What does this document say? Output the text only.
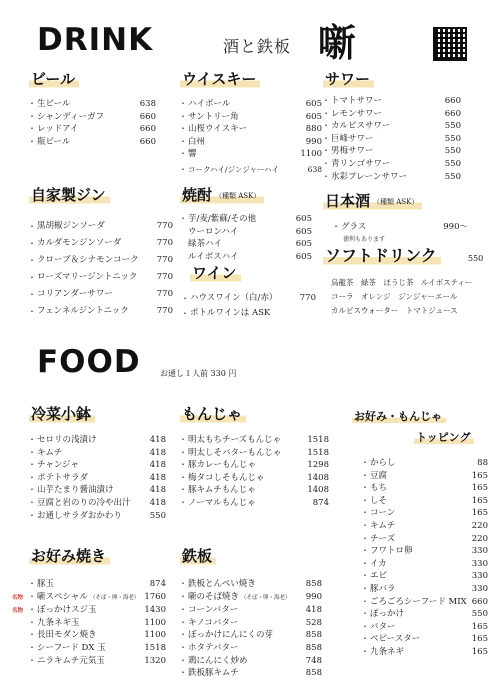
DRINK	酒と鉄板 噺
ビール
・ 生ビール	638
・ シャンディーガフ	660
・ レッドアイ	660
・ 瓶ビール	660
ウイスキー
・ ハイボール	605
・ サントリー角	605
・ 山桜ウイスキー	880
・ 白州	990
・ 響	1100
・ コークハイ/ジンジャーハイ	638
サワー
・ トマトサワー	660
・ レモンサワー	660
・ カルピスサワー	550
・ 巨峰サワー	550
・ 男梅サワー	550
・ 青リンゴサワー	550
・ 氷彩プレーンサワー	550
自家製ジン
・ 黒胡椒ジンソーダ	770
・ カルダモンジンソーダ	770
・ クローブ＆シナモンコーク 770
・ ローズマリージントニック 770
・ コリアンダーサワー	770
・ フェンネルジントニック	770
焼酎 （種類 ASK）
・ 芋/麦/紫蘇/その他	605
ウーロンハイ	605
緑茶ハイ	605
ルイボスハイ	605
ワイン
・ ハウスワイン（白/赤）	770
・ ボトルワインは ASK
日本酒 （種類 ASK）
・ グラス	990〜
徳利もあります
ソフトドリンク	550
烏龍茶　緑茶　ほうじ茶　ルイボスティー
コーラ　オレンジ　ジンジャーエール
カルピスウォーター　トマトジュース
FOOD お通し１人前 330 円
冷菜小鉢
・ セロリの浅漬け	418
・ キムチ	418
・ チャンジャ	418
・ ポテトサラダ	418
・ 山芋たまり醤油漬け	418
・ 豆腐と岩のりの冷や出汁 418
・ お通しサラダおかわり	550
もんじゃ
・ 明太もちチーズもんじゃ	1518
・ 明太しそバターもんじゃ	1518
・ 豚カレーもんじゃ	1298
・ 梅タコしそもんじゃ	1408
・ 豚キムチもんじゃ	1408
・ ノーマルもんじゃ	874
お好み・もんじゃ
トッピング
・ からし	88
・ 豆腐	165
・ もち	165
・ しそ	165
・ コーン	165
・ キムチ	220
・ チーズ	220
・ フワトロ卵	330
・ イカ	330
・ エビ	330
・ 豚バラ	330
・ ごろごろシーフード MIX 660
・ ぽっかけ	550
・ バター	165
・ ベビースター	165
・ 九条ネギ	165
お好み焼き
・ 豚玉	874
名物	・ 噺スペシャル （そば・卵・海老） 1760
名物	・ ぼっかけスジ玉	1430
・ 九条ネギ玉	1100
・ 長田モダン焼き	1100
・ シーフード DX 玉	1518
・ ニラキムチ元気玉	1320
鉄板
・ 鉄板とんぺい焼き	858
・ 噺のそば焼き （そば・卵・海老） 990
・ コーンバター	418
・ キノコバター	528
・ ぼっかけにんにくの芽	858
・ ホタテバター	858
・ 鶏にんにく炒め	748
・ 鉄板豚キムチ	858
